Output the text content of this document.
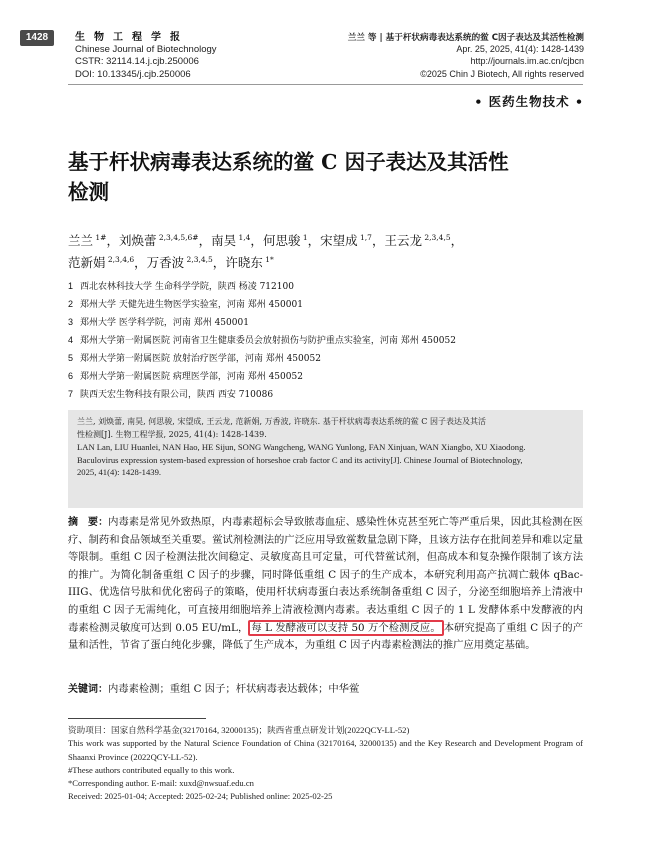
1428	生物工程学报
Chinese Journal of Biotechnology
CSTR: 32114.14.j.cjb.250006
DOI: 10.13345/j.cjb.250006
兰兰 等 | 基于杆状病毒表达系统的鲎 C因子表达及其活性检测
Apr. 25, 2025, 41(4): 1428-1439
http://journals.im.ac.cn/cjbcn
©2025 Chin J Biotech, All rights reserved
• 医药生物技术 •
基于杆状病毒表达系统的鲎 C 因子表达及其活性
检测
兰兰 $^{1\#}$，刘焕蕾 $^{2,3,4,5,6\#}$，南昊 $^{1,4}$，何思骏 $^1$，宋望成 $^{1,7}$，王云龙 $^{2,3,4,5}$，
范新娟 $^{2,3,4,6}$，万香波 $^{2,3,4,5}$，许晓东 $^{1*}$
1 西北农林科技大学 生命科学学院，陕西 杨凌 712100
2 郑州大学 天健先进生物医学实验室，河南 郑州 450001
3 郑州大学 医学科学院，河南 郑州 450001
4 郑州大学第一附属医院 河南省卫生健康委员会放射损伤与防护重点实验室，河南 郑州 450052
5 郑州大学第一附属医院 放射治疗医学部，河南 郑州 450052
6 郑州大学第一附属医院 病理医学部，河南 郑州 450052
7 陕西天宏生物科技有限公司，陕西 西安 710086

兰兰, 刘焕蕾, 南昊, 何思骏, 宋望成, 王云龙, 范新娟, 万香波, 许晓东. 基于杆状病毒表达系统的鲎 C 因子表达及其活

性检测[J]. 生物工程学报, 2025, 41(4): 1428-1439.

LAN Lan, LIU Huanlei, NAN Hao, HE Sijun, SONG Wangcheng, WANG Yunlong, FAN Xinjuan, WAN Xiangbo, XU Xiaodong.

Baculovirus expression system-based expression of horseshoe crab factor C and its activity[J]. Chinese Journal of Biotechnology,

2025, 41(4): 1428-1439.

摘　要：内毒素是常见外致热原，内毒素超标会导致脓毒血症、感染性休克甚至死亡等严重后果，因此其检测在医疗、制药和食品领域至关重要。鲎试剂检测法的广泛应用导致鲎数量急剧下降，且该方法存在批间差异和难以定量等限制。重组 C 因子检测法批次间稳定、灵敏度高且可定量，可代替鲎试剂，但高成本和复杂操作限制了该方法的推广。为简化制备重组 C 因子的步骤，同时降低重组 C 因子的生产成本，本研究利用高产抗凋亡载体 qBac-IIIG、优选信号肽和优化密码子的策略，使用杆状病毒蛋白表达系统制备重组 C 因子，分泌至细胞培养上清液中的重组 C 因子无需纯化，可直接用细胞培养上清液检测内毒素。表达重组 C 因子的 1 L 发酵体系中发酵液的内毒素检测灵敏度可达到 0.05 EU/mL， 每 L 发酵液可以支持 50 万个检测反应。 本研究提高了重组 C 因子的产量和活性，节省了蛋白纯化步骤，降低了生产成本，为重组 C 因子内毒素检测法的推广应用奠定基础。
关键词：内毒素检测；重组 C 因子；杆状病毒表达载体；中华鲎

资助项目：国家自然科学基金(32170164, 32000135)；陕西省重点研发计划(2022QCY-LL-52)

This work was supported by the Natural Science Foundation of China (32170164, 32000135) and the Key Research and Development Program of Shaanxi Province (2022QCY-LL-52).

#These authors contributed equally to this work.

*Corresponding author. E-mail: xuxd@nwsuaf.edu.cn

Received: 2025-01-04; Accepted: 2025-02-24; Published online: 2025-02-25
